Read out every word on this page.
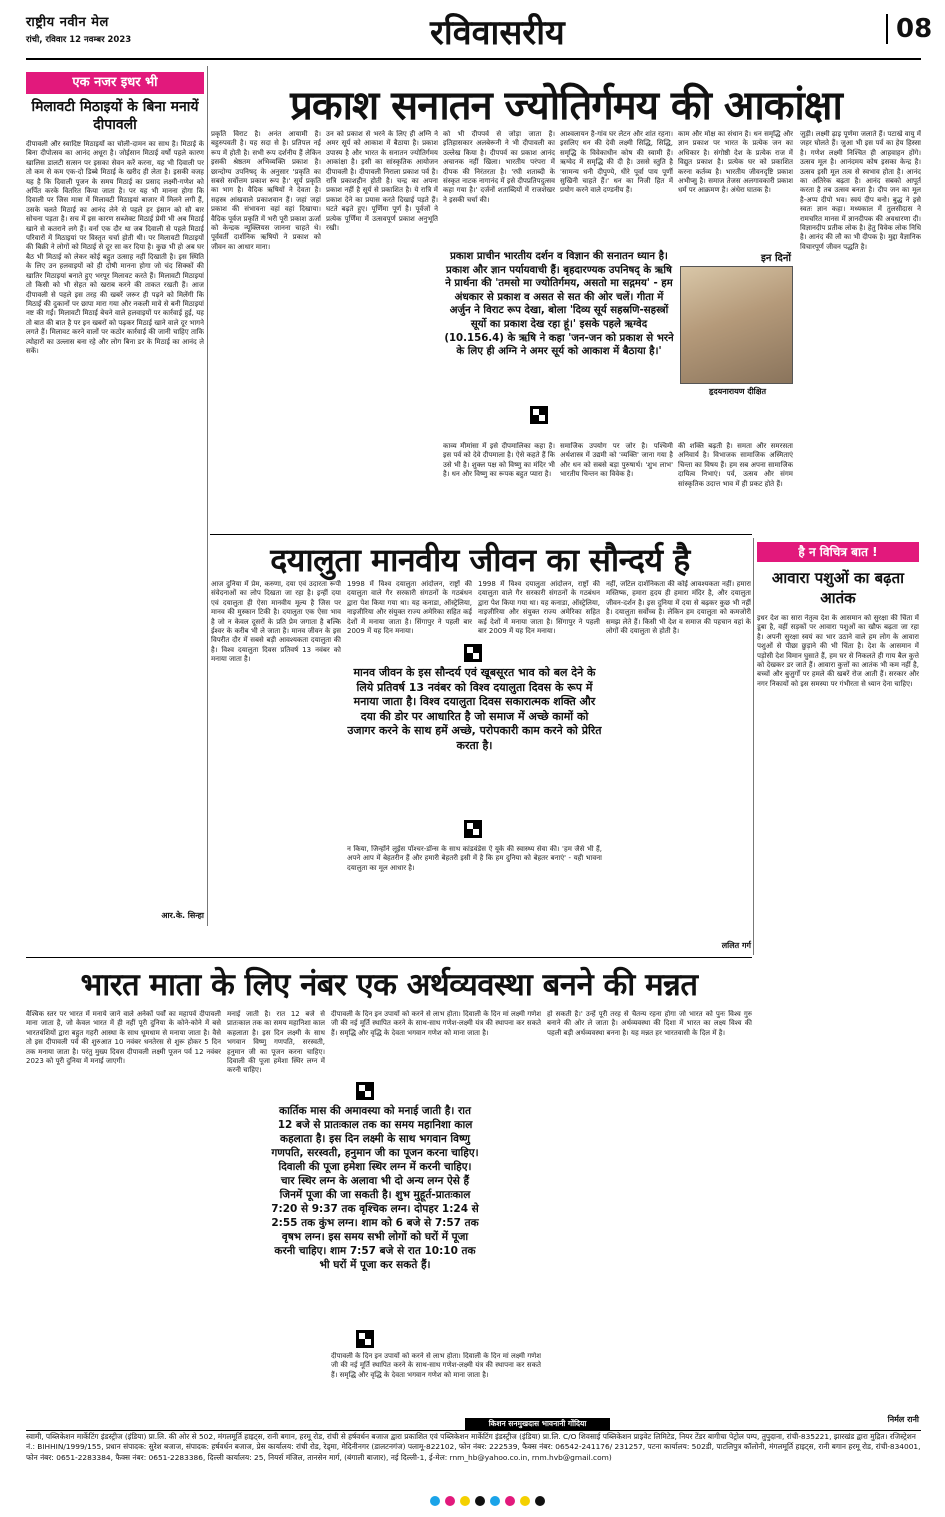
राष्ट्रीय नवीन मेल
रांची, रविवार 12 नवम्बर 2023	रविवासरीय	08
एक नजर इधर भी
मिलावटी मिठाइयों के बिना मनायें दीपावली
दीपावली और स्वादिष्ट मिठाइयों का चोली-दामन का साथ है। मिठाई के बिना दीपोत्सव का आनंद अधूरा है। जोईसान मिठाई वर्षों पहले कारण खालिस डालटी सत्सन पर इसका सेवन करें करना, यह भी दिवाली पर तो कम से कम एक-दो डिब्बे मिठाई के खरीद ही लेता है। इसकी वजह यह है कि दिवाली पूजन के समय मिठाई का प्रसाद लक्ष्मी-गणेश को अर्पित करके वितरित किया जाता है। पर यह भी मानना होगा कि दिवाली पर जिस मात्रा में मिलावटी मिठाइयां बाजार में मिलने लगी हैं, उसके चलते मिठाई का आनंद लेने से पहले हर इंसान को सौ बार सोचना पड़ता है। सच में इस कारण सब्जेक्ट मिठाई प्रेमी भी अब मिठाई खाने से कतराने लगे हैं। वर्ना एक दौर था जब दिवाली से पहले मिठाई परिवारों में मिठाइयां पर विस्तृत चर्चा होती थी। पर मिलावटी मिठाइयों की बिक्री ने लोगों को मिठाई से दूर सा कर दिया है। कुछ भी हो अब घर बैठ भी मिठाई को लेकर कोई बहुत उत्साह नहीं दिखाती है। इस स्थिति के लिए उन हलवाइयों को ही दोषी मानना होगा जो चंद सिक्कों की खातिर मिठाइयां बनाते हुए भरपूर मिलावट करते हैं। मिलावटी मिठाइयां तो किसी को भी सेहत को खराब करने की ताकत रखती हैं। आज दीपावली से पहले इस तरह की खबरें जरूर ही पढ़ने को मिलेंगी कि मिठाई की दुकानों पर छापा मारा गया और नकली मावे से बनी मिठाइयां नष्ट की गईं। मिलावटी मिठाई बेचने वाले हलवाइयों पर कार्रवाई हुई, यह तो बात की बात है पर इन खबरों को पढ़कर मिठाई खाने वाले दूर भागने लगते हैं। मिलावट करने वालों पर कठोर कार्रवाई की जानी चाहिए ताकि त्योहारों का उल्लास बना रहे और लोग बिना डर के मिठाई का आनंद ले सकें।
आर.के. सिन्हा
प्रकाश सनातन ज्योतिर्गमय की आकांक्षा
प्रकृति विराट है। अनंत आयामी है। बहुरुपवती है। यह सदा से है। प्रतिपल नई रूप में होती है। सभी रूप दर्शनीय हैं लेकिन इसकी श्रेष्ठतम अभिव्यक्ति प्रकाश है। छान्दोग्य उपनिषद् के अनुसार 'प्रकृति का सबसे सर्वोत्तम प्रकाश रूप है।' सूर्य प्रकृति का भाग है। वैदिक ऋषियों ने देवता है। सहस्त्र आंखवाले प्रकाशवान हैं। जहां जहां प्रकाश की संभावना वहां वहां दिखाया। वैदिक पूर्वज प्रकृति में भरी पूरी प्रकाश ऊर्जा को केन्द्रक न्यूक्लियस जानना चाहते थे। पूर्ववर्ती दार्शनिक ऋषियों ने प्रकाश को जीवन का आधार माना।
उन को प्रकाश से भरने के लिए ही अग्नि ने अमर सूर्य को आकाश में बैठाया है। प्रकाश उपास्य है और भारत के सनातन ज्योतिर्गमय आकांक्षा है। इसी का सांस्कृतिक आयोजन दीपावली है। दीपावली निराला प्रकाश पर्व है। रात्रि प्रकाशहीन होती है। चन्द्र का अपना प्रकाश नहीं है सूर्य से प्रकाशित है। ये रात्रि में प्रकाश देने का प्रयास करते दिखाई पड़ते हैं। घटते बढ़ते हुए। पूर्णिमा पूर्ण है। पूर्वजों ने प्रत्येक पूर्णिमा में उत्सवपूर्ण प्रकाश अनुभूति रखी।
को भी दीपपर्व से जोड़ा जाता है। इतिहासकार अलबेरूनी ने भी दीपावली का उल्लेख किया है। दीपपर्व का प्रकाश आनंद अचानक नहीं खिला। भारतीय परंपरा में दीपक की निरंतरता है। 'रघी शताब्दी के संस्कृत नाटक नागानंद में इसे दीपप्रतिपदुत्सव कहा गया है।' दर्जनों शताब्दियों में राजशेखर ने इसकी चर्चा की।
आश्वलायन है-गांव घर लेटन और शांत रहना। इसलिए धन की देवी लक्ष्मी सिद्धि, सिद्धि, समृद्धि के विवेकाधीन कोष की स्वामी हैं। ऋग्वेद में समृद्धि की दी है। उससे स्तुति है 'सामन्य धनी दीपुण्ये, धीरे पूर्वा पाय पूर्णी सुखिनी चाहते हैं।' धन का निजी हित में प्रयोग करने वाले दण्डनीय हैं।
काम और मोक्ष का संधान है। धन समृद्धि और ज्ञान प्रकाश पर भारत के प्रत्येक जन का अधिकार है। संगोष्ठी देश के प्रत्येक राज में विद्युत प्रकाश है। प्रत्येक घर को प्रकाशित करना कर्तव्य है। भारतीय जीवनदृष्टि प्रकाश अभीप्सु है। समाज तेजस अलगावकारी प्रकाश धर्म पर आक्रमण है। अंधेरा घातक है।
जुड़ी। लक्ष्मी ढ़ाइ पूर्णमा जलाते हैं। पटाखे वायु में जहर घोलते हैं। जुआ भी इस पर्व का हेय हिस्सा है। गणेश लक्ष्मी निश्चित ही आहवाहन होंगे। उत्सव मूल है। आनंदमय कोष इसका केन्द्र है। उत्सव इसी मूल तत्व से स्वभाव होता है। आनंद का अतिरेक बढ़ता है। आनंद सबको आपूर्त करता है तब उत्सव बनता है। दीप जन का मूल है-अप्प दीपो भव। स्वयं दीप बनो। बुद्ध ने इसे स्वतः ज्ञान कहा। मध्यकाल में तुलसीदास ने रामचरित मानस में ज्ञानदीपक की अवधारणा दी। विज्ञानदीप प्रतीक लोक है। हेतु विवेक लोक निधि है। आनंद की लौ का भी दीपक है। मुद्दा वैज्ञानिक विचारपूर्ण जीवन पद्धति है।
इन दिनों
हृदयनारायण दीक्षित
प्रकाश प्राचीन भारतीय दर्शन व विज्ञान की सनातन ध्यान है। प्रकाश और ज्ञान पर्यायवाची हैं। बृहदारण्यक उपनिषद् के ऋषि ने प्रार्थना की 'तमसो मा ज्योतिर्गमय, असतो मा सद्गमय' - हम अंधकार से प्रकाश व असत से सत की ओर चलें। गीता में अर्जुन ने विराट रूप देखा, बोला 'दिव्य सूर्य सहस्रणि-सहस्त्रों सूर्यो का प्रकाश देख रहा हूं।' इसके पहले ऋग्वेद (10.156.4) के ऋषि ने कहा 'जन-जन को प्रकाश से भरने के लिए ही अग्नि ने अमर सूर्य को आकाश में बैठाया है।'
काव्य मीमांसा में इसे दीपमालिका कहा है। इस पर्व को देवे दीपमाला है। ऐसे कहते हैं कि उसे भी है। शुक्ल पक्ष को विष्णु का मंदिर भी है। धन और विष्णु का रूपक बहुत प्यारा है।
समाजिक उपयोग पर जोर है। पश्चिमी अर्थशास्त्र में उद्यमी को 'व्यक्ति' जाना गया है और धन को सबसे बड़ा पुरुषार्थ। 'शुभ लाभ' भारतीय चिन्तन का विवेक है।
की शक्ति बढ़ती है। समता और समरसता अनिवार्य है। विभाजक सामाजिक अस्मिताएं चिन्ता का विषय हैं। हम सब अपना सामाजिक दायित्व निभाएं। पर्व, उत्सव और संगम सांस्कृतिक उदात्त भाव में ही प्रकट होते हैं।
दयालुता मानवीय जीवन का सौन्दर्य है
आज दुनिया में प्रेम, करुणा, दया एवं उदारता रूपी संवेदनाओं का लोप दिखता जा रहा है। इन्हीं दया एवं दयालुता ही ऐसा मानवीय मूल्य है जिस पर मानव की मुस्कान टिकी है। दयालुता एक ऐसा भाव है जो न केवल दूसरों के प्रति प्रेम जगाता है बल्कि ईश्वर के करीब भी ले जाता है। मानव जीवन के इस विपरीत दौर में सबसे बड़ी आवश्यकता दयालुता की है। विश्व दयालुता दिवस प्रतिवर्ष 13 नवंबर को मनाया जाता है।
1998 में विश्व दयालुता आंदोलन, राष्ट्रों की दयालुता वाले गैर सरकारी संगठनों के गठबंधन द्वारा पेश किया गया था। यह कनाडा, ऑस्ट्रेलिया, नाइजीरिया और संयुक्त राज्य अमेरिका सहित कई देशों में मनाया जाता है। सिंगापुर ने पहली बार 2009 में यह दिन मनाया।
1998 में विश्व दयालुता आंदोलन, राष्ट्रों की दयालुता वाले गैर सरकारी संगठनों के गठबंधन द्वारा पेश किया गया था। यह कनाडा, ऑस्ट्रेलिया, नाइजीरिया और संयुक्त राज्य अमेरिका सहित कई देशों में मनाया जाता है। सिंगापुर ने पहली बार 2009 में यह दिन मनाया।
नहीं, जटिल दार्शनिकता की कोई आवश्यकता नहीं। हमारा मस्तिष्क, हमारा हृदय ही हमारा मंदिर है, और दयालुता जीवन-दर्शन है। इस दुनिया में दया से बढ़कर कुछ भी नहीं है। दयालुता सर्वोच्च है। लेकिन हम दयालुता को कमजोरी समझ लेते हैं। किसी भी देश व समाज की पहचान वहां के लोगों की दयालुता से होती है।
मानव जीवन के इस सौन्दर्य एवं खूबसूरत भाव को बल देने के लिये प्रतिवर्ष 13 नवंबर को विश्व दयालुता दिवस के रूप में मनाया जाता है। विश्व दयालुता दिवस सकारात्मक शक्ति और दया की डोर पर आधारित है जो समाज में अच्छे कामों को उजागर करने के साथ हमें अच्छे, परोपकारी काम करने को प्रेरित करता है।
न किया, जिन्होंने लूईस पॉश्चर-डॉन्स के साथ कांडवंडेस ऐ यूके की स्वास्थ्य सेवा की। 'हम जैसे भी हैं, अपने आप में बेहतरीन हैं और हमारी बेहतरी इसी में है कि हम दुनिया को बेहतर बनाएं' - यही भावना दयालुता का मूल आधार है।
ललित गर्ग
है न विचित्र बात !
आवारा पशुओं का बढ़ता आतंक
इधर देश का सारा नेतृत्व देश के आसमान को सुरक्षा की चिंता में डूबा है, वहीं सड़कों पर आवारा पशुओं का खौफ बढ़ता जा रहा है। अपनी सुरक्षा स्वयं का भार उठाने वाले हम लोग के आवारा पशुओं से पीछा छुड़ाने की भी चिंता है। देश के आसमान में पड़ोसी देश विमान घुसाते हैं, हम घर से निकलते ही गाय बैल कुत्ते को देखकर डर जाते हैं। आवारा कुत्तों का आतंक भी कम नहीं है, बच्चों और बुजुर्गों पर हमले की खबरें रोज आती हैं। सरकार और नगर निकायों को इस समस्या पर गंभीरता से ध्यान देना चाहिए।
निर्मल रानी
भारत माता के लिए नंबर एक अर्थव्यवस्था बनने की मन्नत
वैश्विक स्तर पर भारत में मनाये जाने वाले अनेकों पर्वों का महापर्व दीपावली माना जाता है, जो केवल भारत में ही नहीं पूरी दुनिया के कोने-कोने में बसे भारतवंशियों द्वारा बहुत गहरी आस्था के साथ धूमधाम से मनाया जाता है। वैसे तो इस दीपावली पर्व की शुरुआत 10 नवंबर धनतेरस से शुरू होकर 5 दिन तक मनाया जाता है। परंतु मुख्य दिवस दीपावली लक्ष्मी पूजन पर्व 12 नवंबर 2023 को पूरी दुनिया में मनाई जाएगी।
मनाई जाती है। रात 12 बजे से प्रातःकाल तक का समय महानिशा काल कहलाता है। इस दिन लक्ष्मी के साथ भगवान विष्णु गणपति, सरस्वती, हनुमान जी का पूजन करना चाहिए। दिवाली की पूजा हमेशा स्थिर लग्न में करनी चाहिए।
दीपावली के दिन इन उपायों को करने से लाभ होता। दिवाली के दिन मां लक्ष्मी गणेश जी की नई मूर्ति स्थापित करने के साथ-साथ गणेश-लक्ष्मी यंत्र की स्थापना कर सकते हैं। समृद्धि और वृद्धि के देवता भगवान गणेश को माना जाता है।
हो सकती है।' उन्हें पूरी तरह से चैतन्य रहना होगा जो भारत को पुनः विश्व गुरु बनाने की ओर ले जाता है। अर्थव्यवस्था की दिशा में भारत का लक्ष्य विश्व की पहली बड़ी अर्थव्यवस्था बनना है। यह मन्नत हर भारतवासी के दिल में है।
कार्तिक मास की अमावस्या को मनाई जाती है। रात 12 बजे से प्रातःकाल तक का समय महानिशा काल कहलाता है। इस दिन लक्ष्मी के साथ भगवान विष्णु गणपति, सरस्वती, हनुमान जी का पूजन करना चाहिए। दिवाली की पूजा हमेशा स्थिर लग्न में करनी चाहिए। चार स्थिर लग्न के अलावा भी दो अन्य लग्न ऐसे हैं जिनमें पूजा की जा सकती है। शुभ मुहूर्त-प्रातःकाल 7:20 से 9:37 तक वृश्चिक लग्न। दोपहर 1:24 से 2:55 तक कुंभ लग्न। शाम को 6 बजे से 7:57 तक वृषभ लग्न। इस समय सभी लोगों को घरों में पूजा करनी चाहिए। शाम 7:57 बजे से रात 10:10 तक भी घरों में पूजा कर सकते हैं।
दीपावली के दिन इन उपायों को करने से लाभ होता। दिवाली के दिन मां लक्ष्मी गणेश जी की नई मूर्ति स्थापित करने के साथ-साथ गणेश-लक्ष्मी यंत्र की स्थापना कर सकते हैं। समृद्धि और वृद्धि के देवता भगवान गणेश को माना जाता है।
किशन सनमुखदास भावनानी गोंदिया
स्वामी, पब्लिकेशन मार्केटिंग इंडस्ट्रीज (इंडिया) प्रा.लि. की ओर से 502, मंगलमूर्ति हाइट्स, रानी बगान, हरमू रोड, रांची से हर्षवर्धन बजाज द्वारा प्रकाशित एवं पब्लिकेशन मार्केटिंग इंडस्ट्रीज (इंडिया) प्रा.लि. C/O शिवसाई पब्लिकेशन प्राइवेट लिमिटेड, नियर टेंडर बागीचा पेट्रोल पम्प, तुपुदाना, रांची-835221, झारखंड द्वारा मुद्रित। रजिस्ट्रेशन नं.: BIHHIN/1999/155, प्रधान संपादक: सुरेश बजाज, संपादक: हर्षवर्धन बजाज, प्रेस कार्यालय: रांची रोड, रेड्मा, मेदिनीनगर (डालटनगंज) पलामू-822102, फोन नंबर: 222539, फैक्स नंबर: 06542-241176/ 231257, पटना कार्यालय: 502डी, पाटलिपुत्र कॉलोनी, मंगलमूर्ति हाइट्स, रानी बगान हरमू रोड, रांची-834001, फोन नंबर: 0651-2283384, फैक्स नंबर: 0651-2283386, दिल्ली कार्यालय: 25, नियर्स मंजिल, तानसेन मार्ग, (बंगाली बाजार), नई दिल्ली-1, ई-मेल: rnm_hb@yahoo.co.in, rnm.hvb@gmail.com)
